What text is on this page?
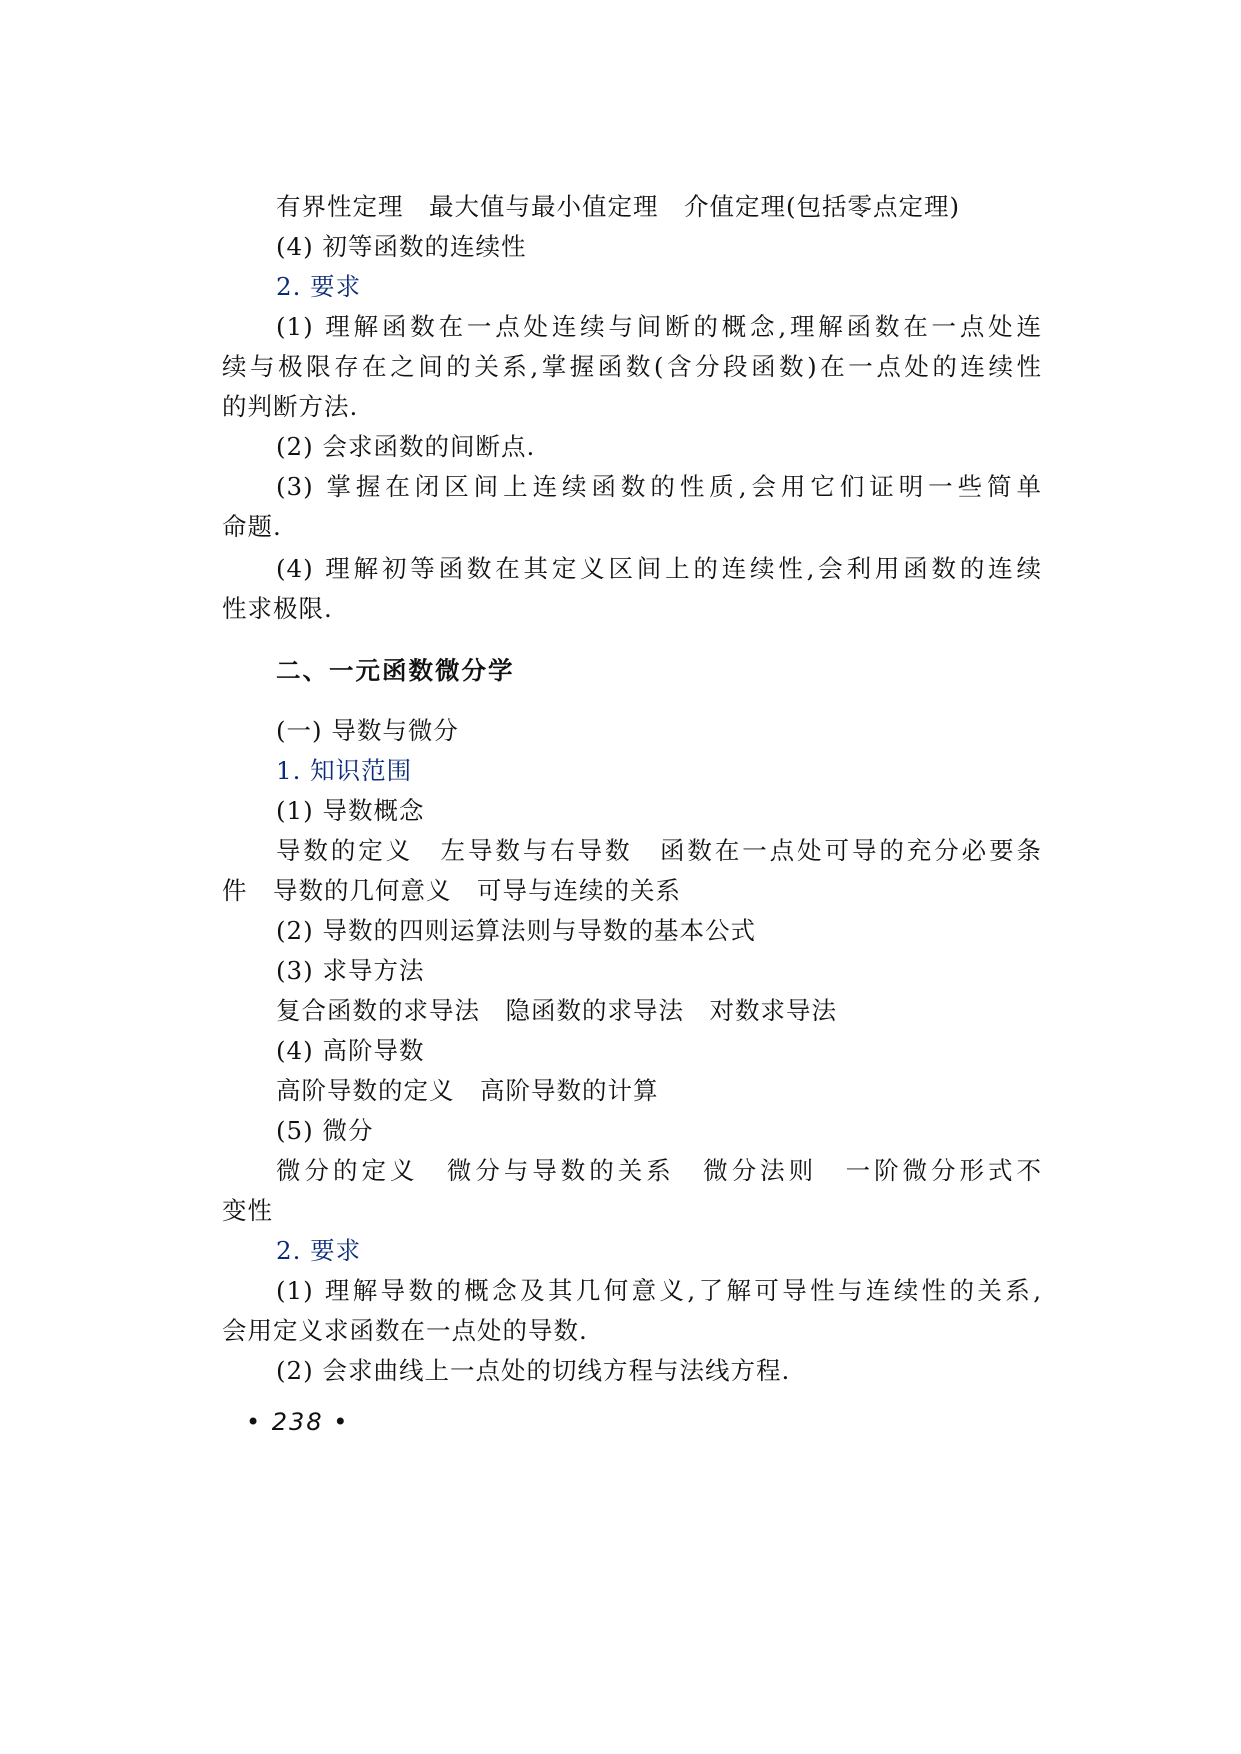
有界性定理　最大值与最小值定理　介值定理(包括零点定理)
(4) 初等函数的连续性
2. 要求
(1) 理解函数在一点处连续与间断的概念,理解函数在一点处连
续与极限存在之间的关系,掌握函数(含分段函数)在一点处的连续性
的判断方法.
(2) 会求函数的间断点.
(3) 掌握在闭区间上连续函数的性质,会用它们证明一些简单
命题.
(4) 理解初等函数在其定义区间上的连续性,会利用函数的连续
性求极限.
二、一元函数微分学
(一) 导数与微分
1. 知识范围
(1) 导数概念
导数的定义　左导数与右导数　函数在一点处可导的充分必要条
件　导数的几何意义　可导与连续的关系
(2) 导数的四则运算法则与导数的基本公式
(3) 求导方法
复合函数的求导法　隐函数的求导法　对数求导法
(4) 高阶导数
高阶导数的定义　高阶导数的计算
(5) 微分
微分的定义　微分与导数的关系　微分法则　一阶微分形式不
变性
2. 要求
(1) 理解导数的概念及其几何意义,了解可导性与连续性的关系,
会用定义求函数在一点处的导数.
(2) 会求曲线上一点处的切线方程与法线方程.
• 238 •
